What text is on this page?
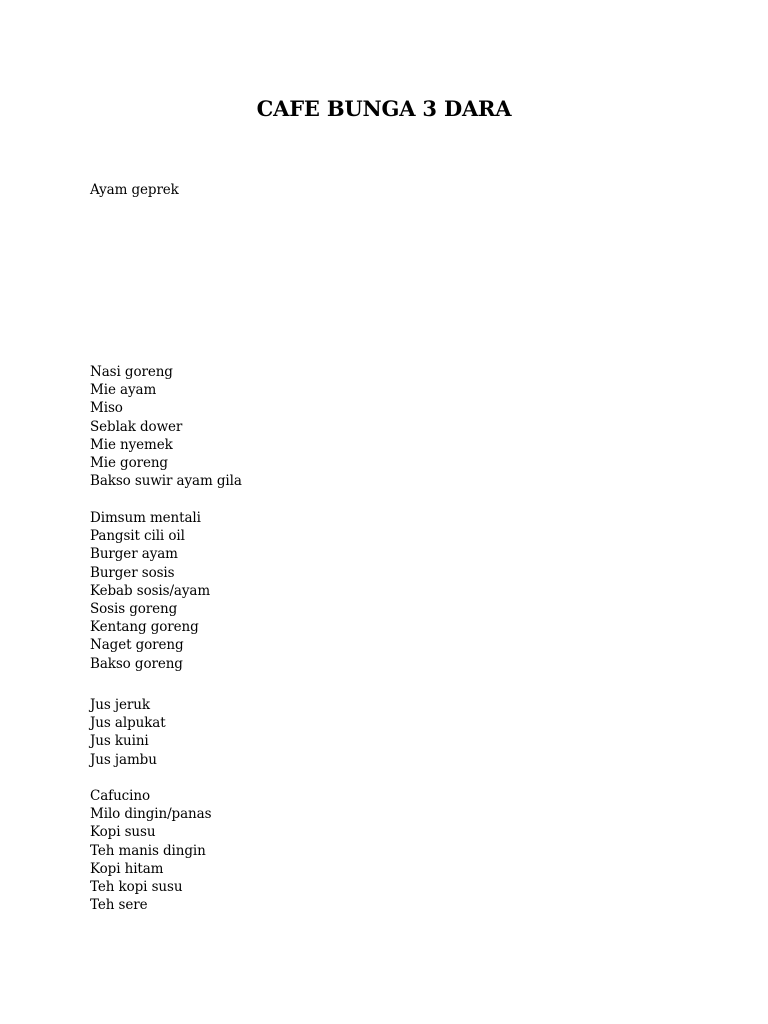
CAFE BUNGA 3 DARA
Ayam geprek
Nasi goreng
Mie ayam
Miso
Seblak dower
Mie nyemek
Mie goreng
Bakso suwir ayam gila
Dimsum mentali
Pangsit cili oil
Burger ayam
Burger sosis
Kebab sosis/ayam
Sosis goreng
Kentang goreng
Naget goreng
Bakso goreng
Jus jeruk
Jus alpukat
Jus kuini
Jus jambu
Cafucino
Milo dingin/panas
Kopi susu
Teh manis dingin
Kopi hitam
Teh kopi susu
Teh sere
